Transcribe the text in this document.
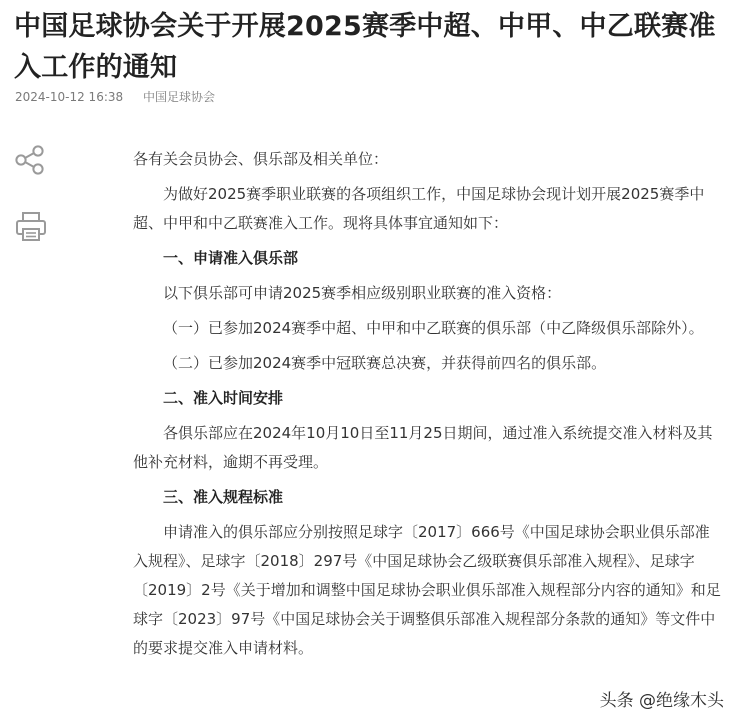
中国足球协会关于开展2025赛季中超、中甲、中乙联赛准入工作的通知
2024-10-12 16:38 中国足球协会

各有关会员协会、俱乐部及相关单位：

为做好2025赛季职业联赛的各项组织工作，中国足球协会现计划开展2025赛季中超、中甲和中乙联赛准入工作。现将具体事宜通知如下：

一、申请准入俱乐部

以下俱乐部可申请2025赛季相应级别职业联赛的准入资格：

（一）已参加2024赛季中超、中甲和中乙联赛的俱乐部（中乙降级俱乐部除外）。

（二）已参加2024赛季中冠联赛总决赛，并获得前四名的俱乐部。

二、准入时间安排

各俱乐部应在2024年10月10日至11月25日期间，通过准入系统提交准入材料及其他补充材料，逾期不再受理。

三、准入规程标准

申请准入的俱乐部应分别按照足球字〔2017〕666号《中国足球协会职业俱乐部准入规程》、足球字〔2018〕297号《中国足球协会乙级联赛俱乐部准入规程》、足球字〔2019〕2号《关于增加和调整中国足球协会职业俱乐部准入规程部分内容的通知》和足球字〔2023〕97号《中国足球协会关于调整俱乐部准入规程部分条款的通知》等文件中的要求提交准入申请材料。

头条 @绝缘木头
